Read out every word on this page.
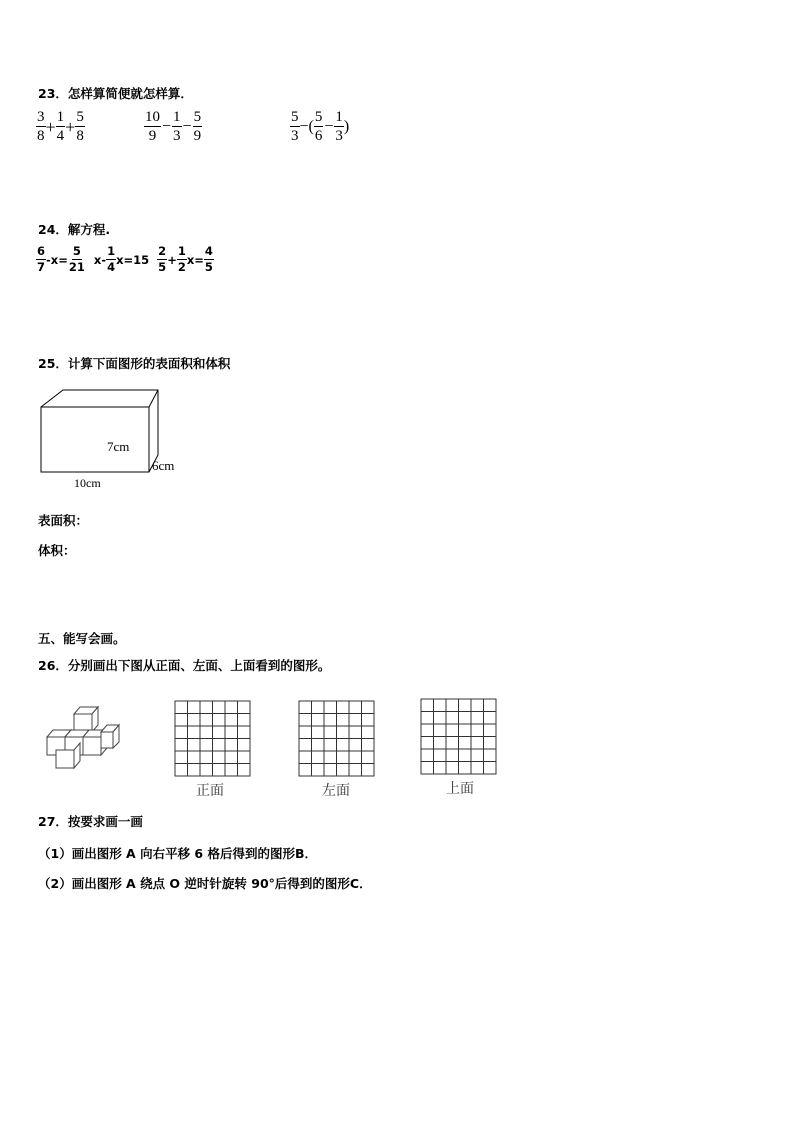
23．怎样算简便就怎样算．
$\frac{3}{8} + \frac{1}{4} + \frac{5}{8}$	$\frac{10}{9} - \frac{1}{3} - \frac{5}{9}$	$\frac{5}{3}$ −( $\frac{5}{6} - \frac{1}{3}$ )
24．解方程.
$\frac{6}{7} -x= \frac{5}{21} x- \frac{1}{4} x=15 \frac{2}{5} + \frac{1}{2} x= \frac{4}{5}$
25．计算下面图形的表面积和体积
7cm
6cm
10cm
表面积：
体积：
五、能写会画。
26．分别画出下图从正面、左面、上面看到的图形。
正面	左面	上面
27．按要求画一画
（1）画出图形 A 向右平移 6 格后得到的图形B．
（2）画出图形 A 绕点 O 逆时针旋转 90°后得到的图形C．
